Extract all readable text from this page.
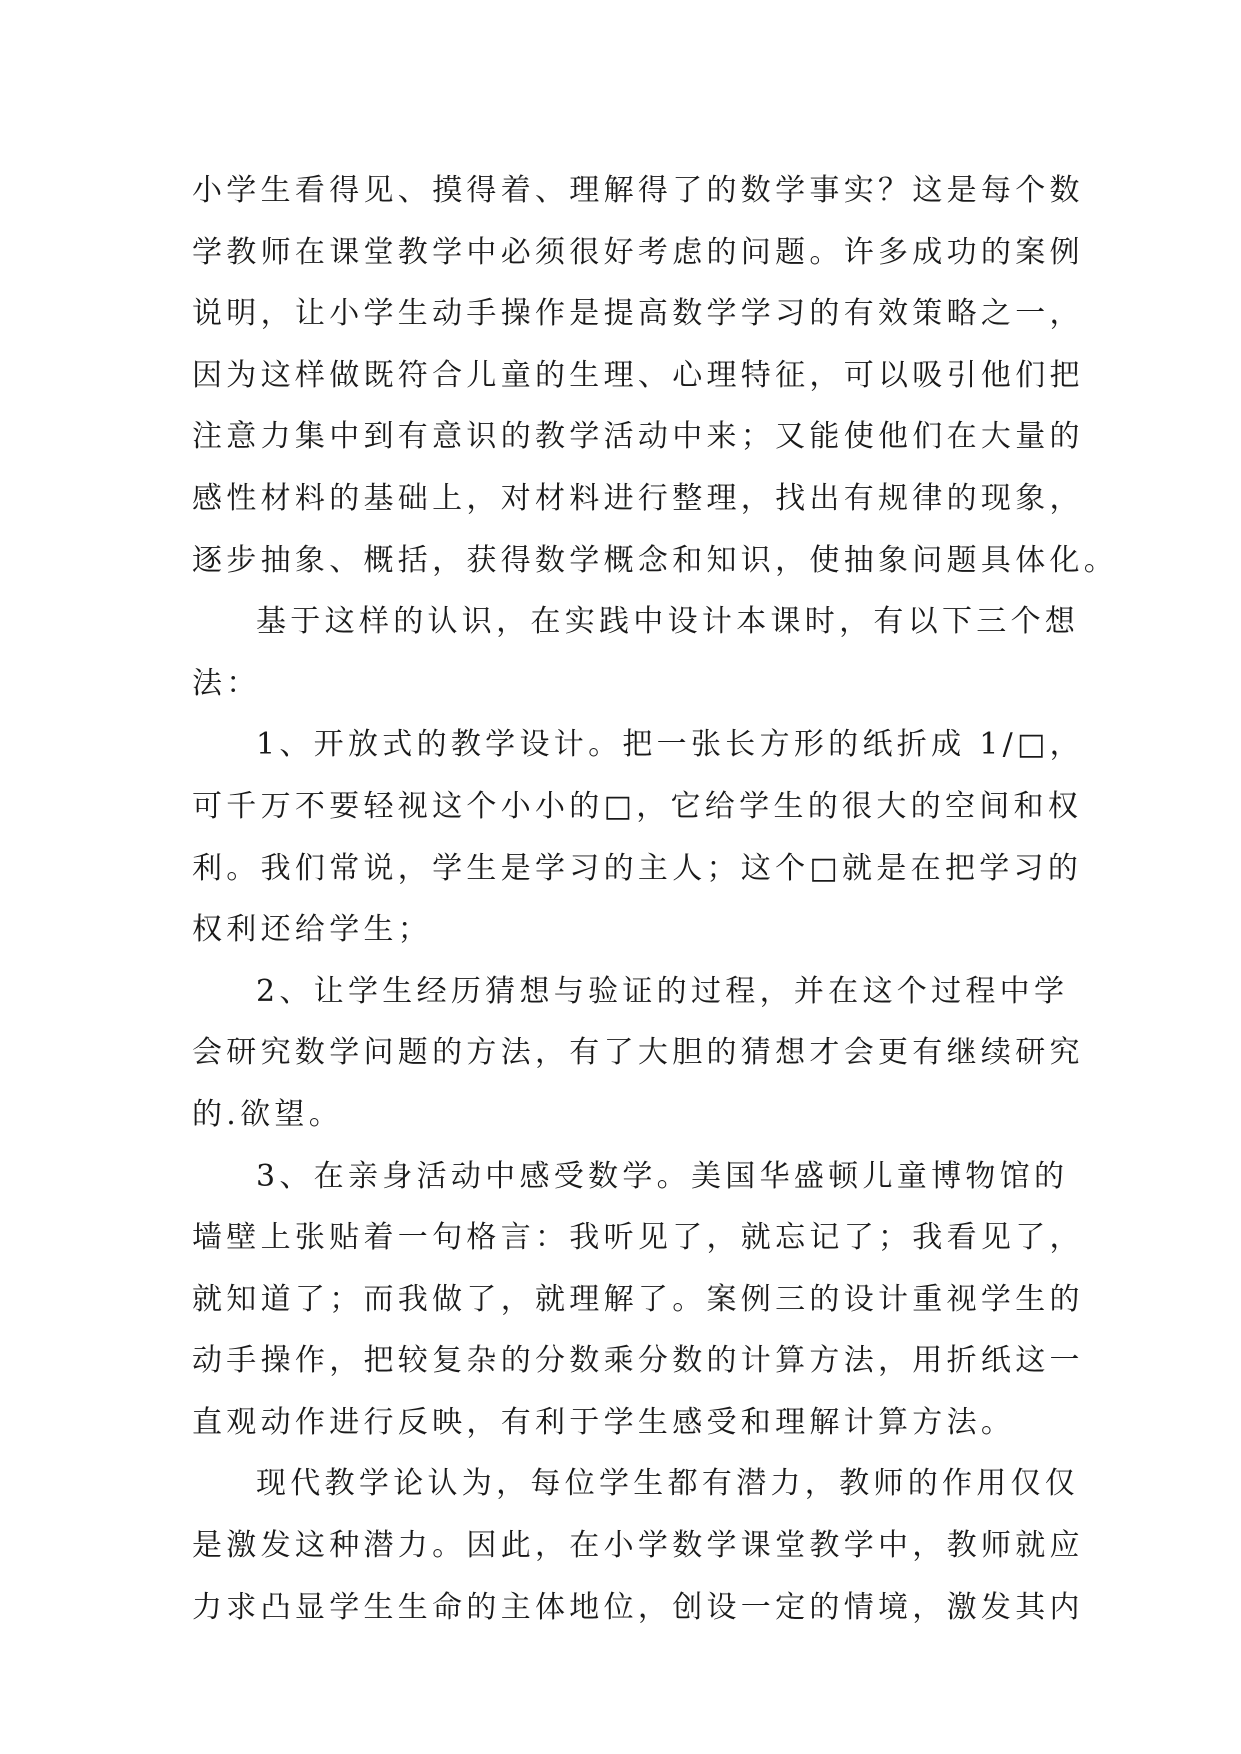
小学生看得见、摸得着、理解得了的数学事实？这是每个数
学教师在课堂教学中必须很好考虑的问题。许多成功的案例
说明，让小学生动手操作是提高数学学习的有效策略之一，
因为这样做既符合儿童的生理、心理特征，可以吸引他们把
注意力集中到有意识的教学活动中来；又能使他们在大量的
感性材料的基础上，对材料进行整理，找出有规律的现象，
逐步抽象、概括，获得数学概念和知识，使抽象问题具体化。
基于这样的认识，在实践中设计本课时，有以下三个想
法：
1、开放式的教学设计。把一张长方形的纸折成 1/□，
可千万不要轻视这个小小的□，它给学生的很大的空间和权
利。我们常说，学生是学习的主人；这个□就是在把学习的
权利还给学生；
2、让学生经历猜想与验证的过程，并在这个过程中学
会研究数学问题的方法，有了大胆的猜想才会更有继续研究
的.欲望。
3、在亲身活动中感受数学。美国华盛顿儿童博物馆的
墙壁上张贴着一句格言：我听见了，就忘记了；我看见了，
就知道了；而我做了，就理解了。案例三的设计重视学生的
动手操作，把较复杂的分数乘分数的计算方法，用折纸这一
直观动作进行反映，有利于学生感受和理解计算方法。
现代教学论认为，每位学生都有潜力，教师的作用仅仅
是激发这种潜力。因此，在小学数学课堂教学中，教师就应
力求凸显学生生命的主体地位，创设一定的情境，激发其内
